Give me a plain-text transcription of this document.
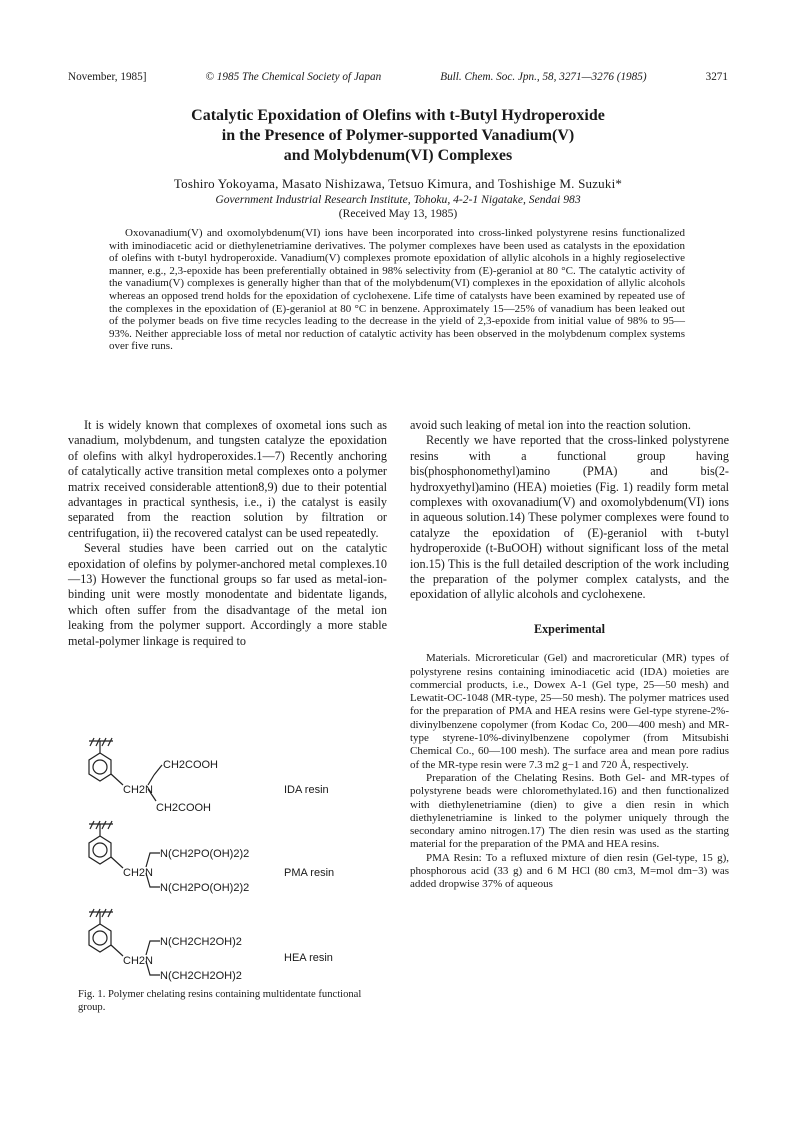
November, 1985]	© 1985 The Chemical Society of Japan	Bull. Chem. Soc. Jpn., 58, 3271—3276 (1985)	3271
Catalytic Epoxidation of Olefins with t-Butyl Hydroperoxide
in the Presence of Polymer-supported Vanadium(V)
and Molybdenum(VI) Complexes
Toshiro Yokoyama, Masato Nishizawa, Tetsuo Kimura, and Toshishige M. Suzuki*
Government Industrial Research Institute, Tohoku, 4-2-1 Nigatake, Sendai 983
(Received May 13, 1985)

Oxovanadium(V) and oxomolybdenum(VI) ions have been incorporated into cross-linked polystyrene resins functionalized with iminodiacetic acid or diethylenetriamine derivatives. The polymer complexes have been used as catalysts in the epoxidation of olefins with t-butyl hydroperoxide. Vanadium(V) complexes promote epoxidation of allylic alcohols in a highly regioselective manner, e.g., 2,3-epoxide has been preferentially obtained in 98% selectivity from (E)-geraniol at 80 °C. The catalytic activity of the vanadium(V) complexes is generally higher than that of the molybdenum(VI) complexes in the epoxidation of allylic alcohols whereas an opposed trend holds for the epoxidation of cyclohexene. Life time of catalysts have been examined by repeated use of the complexes in the epoxidation of (E)-geraniol at 80 °C in benzene. Approximately 15—25% of vanadium has been leaked out of the polymer beads on five time recycles leading to the decrease in the yield of 2,3-epoxide from initial value of 98% to 95—93%. Neither appreciable loss of metal nor reduction of catalytic activity has been observed in the molybdenum complex systems over five runs.

It is widely known that complexes of oxometal ions such as vanadium, molybdenum, and tungsten catalyze the epoxidation of olefins with alkyl hydroperoxides.1—7) Recently anchoring of catalytically active transition metal complexes onto a polymer matrix received considerable attention8,9) due to their potential advantages in practical synthesis, i.e., i) the catalyst is easily separated from the reaction solution by filtration or centrifugation, ii) the recovered catalyst can be used repeatedly.

Several studies have been carried out on the catalytic epoxidation of olefins by polymer-anchored metal complexes.10—13) However the functional groups so far used as metal-ion-binding unit were mostly monodentate and bidentate ligands, which often suffer from the disadvantage of the metal ion leaking from the polymer support. Accordingly a more stable metal-polymer linkage is required to

CH2COOH
CH2N
CH2COOH
IDA resin
N(CH2PO(OH)2)2
CH2N
N(CH2PO(OH)2)2
PMA resin
N(CH2CH2OH)2
CH2N
N(CH2CH2OH)2
HEA resin
Fig. 1. Polymer chelating resins containing multidentate functional group.

avoid such leaking of metal ion into the reaction solution.

Recently we have reported that the cross-linked polystyrene resins with a functional group having bis(phosphonomethyl)amino (PMA) and bis(2-hydroxyethyl)amino (HEA) moieties (Fig. 1) readily form metal complexes with oxovanadium(V) and oxomolybdenum(VI) ions in aqueous solution.14) These polymer complexes were found to catalyze the epoxidation of (E)-geraniol with t-butyl hydroperoxide (t-BuOOH) without significant loss of the metal ion.15) This is the full detailed description of the work including the preparation of the polymer complex catalysts, and the epoxidation of allylic alcohols and cyclohexene.

Experimental

Materials. Microreticular (Gel) and macroreticular (MR) types of polystyrene resins containing iminodiacetic acid (IDA) moieties are commercial products, i.e., Dowex A-1 (Gel type, 25—50 mesh) and Lewatit-OC-1048 (MR-type, 25—50 mesh). The polymer matrices used for the preparation of PMA and HEA resins were Gel-type styrene-2%-divinylbenzene copolymer (from Kodac Co, 200—400 mesh) and MR-type styrene-10%-divinylbenzene copolymer (from Mitsubishi Chemical Co., 60—100 mesh). The surface area and mean pore radius of the MR-type resin were 7.3 m2 g−1 and 720 Å, respectively.

Preparation of the Chelating Resins. Both Gel- and MR-types of polystyrene beads were chloromethylated.16) and then functionalized with diethylenetriamine (dien) to give a dien resin in which diethylenetriamine is linked to the polymer uniquely through the secondary amino nitrogen.17) The dien resin was used as the starting material for the preparation of the PMA and HEA resins.

PMA Resin: To a refluxed mixture of dien resin (Gel-type, 15 g), phosphorous acid (33 g) and 6 M HCl (80 cm3, M=mol dm−3) was added dropwise 37% of aqueous
